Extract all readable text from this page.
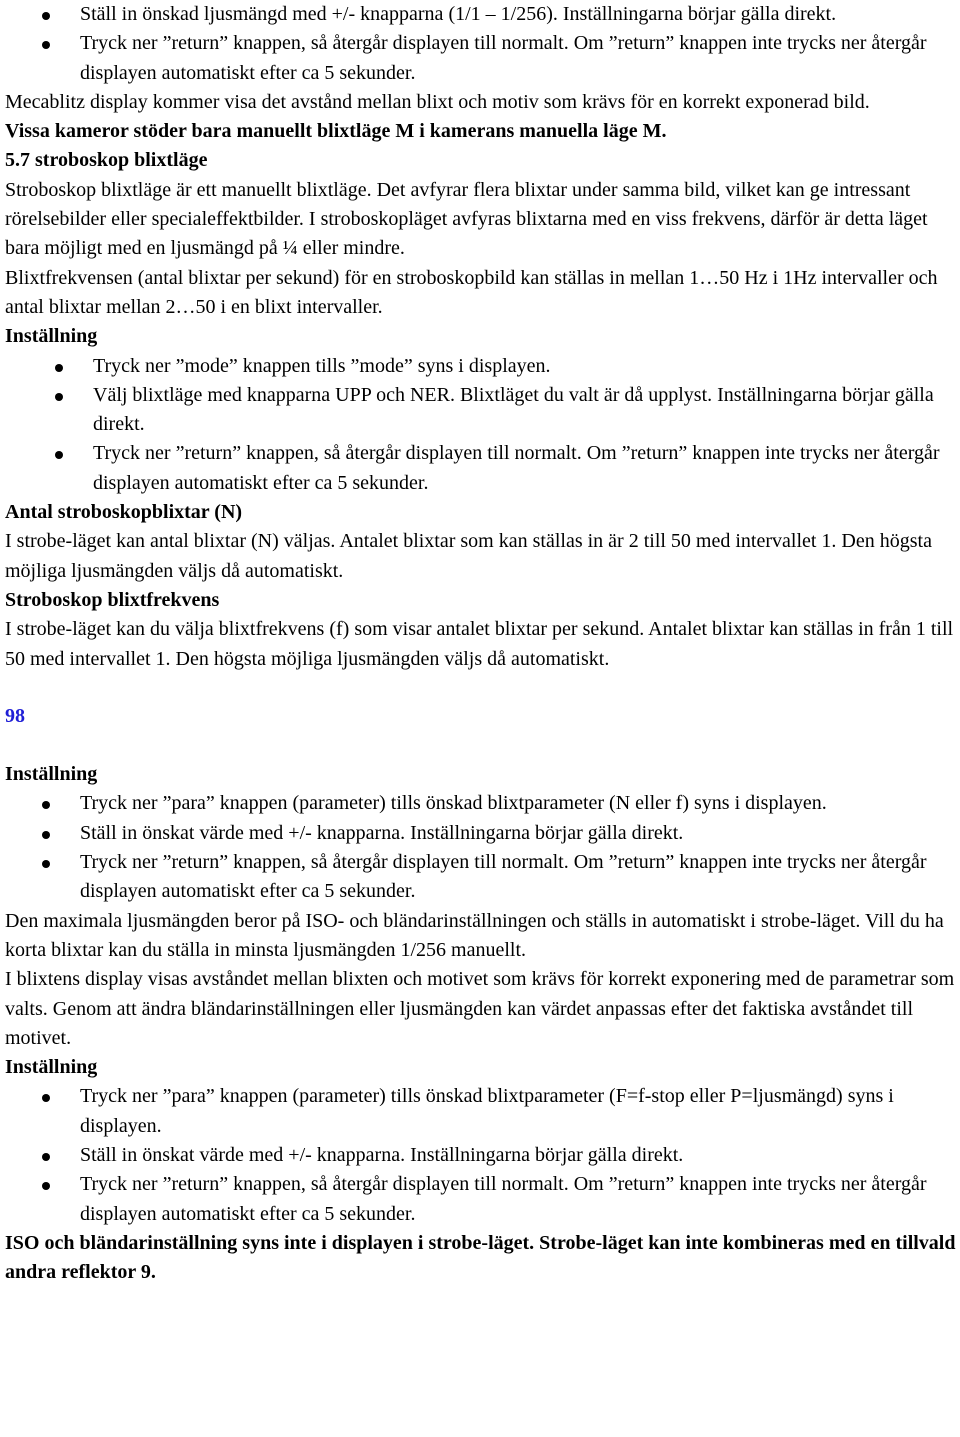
Ställ in önskad ljusmängd med +/- knapparna (1/1 – 1/256). Inställningarna börjar gälla direkt.
Tryck ner ”return” knappen, så återgår displayen till normalt. Om ”return” knappen inte trycks ner återgår displayen automatiskt efter ca 5 sekunder.

Mecablitz display kommer visa det avstånd mellan blixt och motiv som krävs för en korrekt exponerad bild.

Vissa kameror stöder bara manuellt blixtläge M i kamerans manuella läge M.

5.7 stroboskop blixtläge

Stroboskop blixtläge är ett manuellt blixtläge. Det avfyrar flera blixtar under samma bild, vilket kan ge intressant rörelsebilder eller specialeffektbilder. I stroboskopläget avfyras blixtarna med en viss frekvens, därför är detta läget bara möjligt med en ljusmängd på ¼ eller mindre.

Blixtfrekvensen (antal blixtar per sekund) för en stroboskopbild kan ställas in mellan 1…50 Hz i 1Hz intervaller och antal blixtar mellan 2…50 i en blixt intervaller.

Inställning

Tryck ner ”mode” knappen tills ”mode” syns i displayen.
Välj blixtläge med knapparna UPP och NER. Blixtläget du valt är då upplyst. Inställningarna börjar gälla direkt.
Tryck ner ”return” knappen, så återgår displayen till normalt. Om ”return” knappen inte trycks ner återgår displayen automatiskt efter ca 5 sekunder.

Antal stroboskopblixtar (N)

I strobe-läget kan antal blixtar (N) väljas. Antalet blixtar som kan ställas in är 2 till 50 med intervallet 1. Den högsta möjliga ljusmängden väljs då automatiskt.

Stroboskop blixtfrekvens

I strobe-läget kan du välja blixtfrekvens (f) som visar antalet blixtar per sekund. Antalet blixtar kan ställas in från 1 till 50 med intervallet 1. Den högsta möjliga ljusmängden väljs då automatiskt.

98

Inställning

Tryck ner ”para” knappen (parameter) tills önskad blixtparameter (N eller f) syns i displayen.
Ställ in önskat värde med +/- knapparna. Inställningarna börjar gälla direkt.
Tryck ner ”return” knappen, så återgår displayen till normalt. Om ”return” knappen inte trycks ner återgår displayen automatiskt efter ca 5 sekunder.

Den maximala ljusmängden beror på ISO- och bländarinställningen och ställs in automatiskt i strobe-läget. Vill du ha korta blixtar kan du ställa in minsta ljusmängden 1/256 manuellt.

I blixtens display visas avståndet mellan blixten och motivet som krävs för korrekt exponering med de parametrar som valts. Genom att ändra bländarinställningen eller ljusmängden kan värdet anpassas efter det faktiska avståndet till motivet.

Inställning

Tryck ner ”para” knappen (parameter) tills önskad blixtparameter (F=f-stop eller P=ljusmängd) syns i displayen.
Ställ in önskat värde med +/- knapparna. Inställningarna börjar gälla direkt.
Tryck ner ”return” knappen, så återgår displayen till normalt. Om ”return” knappen inte trycks ner återgår displayen automatiskt efter ca 5 sekunder.

ISO och bländarinställning syns inte i displayen i strobe-läget. Strobe-läget kan inte kombineras med en tillvald andra reflektor 9.
